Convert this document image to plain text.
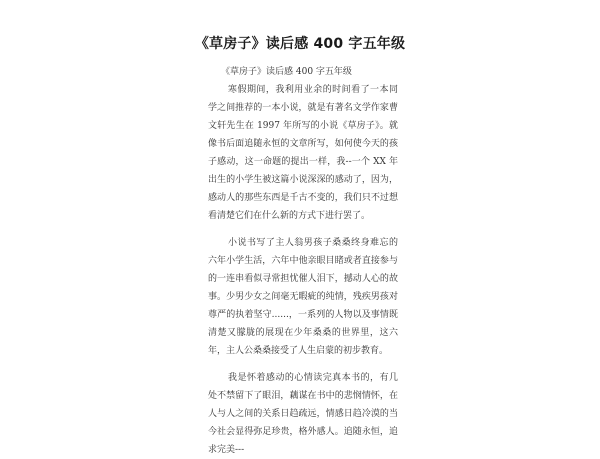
《草房子》读后感 400 字五年级

《草房子》读后感 400 字五年级

寒假期间，我利用业余的时间看了一本同学之间推荐的一本小说，就是有著名文学作家曹文轩先生在 1997 年所写的小说《草房子》。就像书后面追随永恒的文章所写，如何使今天的孩子感动，这一命题的提出一样，我--一个 XX 年出生的小学生被这篇小说深深的感动了，因为，感动人的那些东西是千古不变的，我们只不过想看清楚它们在什么新的方式下进行罢了。

小说书写了主人翁男孩子桑桑终身难忘的六年小学生活，六年中他亲眼目睹或者直接参与的一连串看似寻常担忧催人泪下，撼动人心的故事。少男少女之间毫无暇疵的纯情，残疾男孩对尊严的执着坚守......，一系列的人物以及事情既清楚又朦胧的展现在少年桑桑的世界里，这六年，主人公桑桑接受了人生启蒙的初步教育。

我是怀着感动的心情读完真本书的，有几处不禁留下了眼泪，藕谋在书中的悲悯情怀，在人与人之间的关系日趋疏远，情感日趋冷漠的当今社会显得弥足珍贵，格外感人。追随永恒，追求完美---
